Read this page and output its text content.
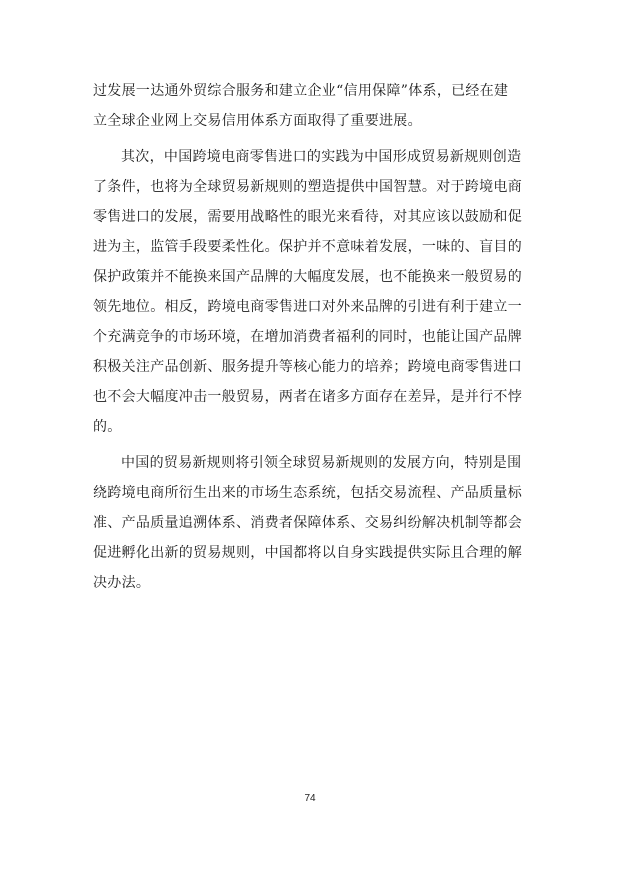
过发展一达通外贸综合服务和建立企业“信用保障”体系，已经在建
立全球企业网上交易信用体系方面取得了重要进展。
其次，中国跨境电商零售进口的实践为中国形成贸易新规则创造
了条件，也将为全球贸易新规则的塑造提供中国智慧。对于跨境电商
零售进口的发展，需要用战略性的眼光来看待，对其应该以鼓励和促
进为主，监管手段要柔性化。保护并不意味着发展，一味的、盲目的
保护政策并不能换来国产品牌的大幅度发展，也不能换来一般贸易的
领先地位。相反，跨境电商零售进口对外来品牌的引进有利于建立一
个充满竞争的市场环境，在增加消费者福利的同时，也能让国产品牌
积极关注产品创新、服务提升等核心能力的培养；跨境电商零售进口
也不会大幅度冲击一般贸易，两者在诸多方面存在差异，是并行不悖
的。
中国的贸易新规则将引领全球贸易新规则的发展方向，特别是围
绕跨境电商所衍生出来的市场生态系统，包括交易流程、产品质量标
准、产品质量追溯体系、消费者保障体系、交易纠纷解决机制等都会
促进孵化出新的贸易规则，中国都将以自身实践提供实际且合理的解
决办法。
74
